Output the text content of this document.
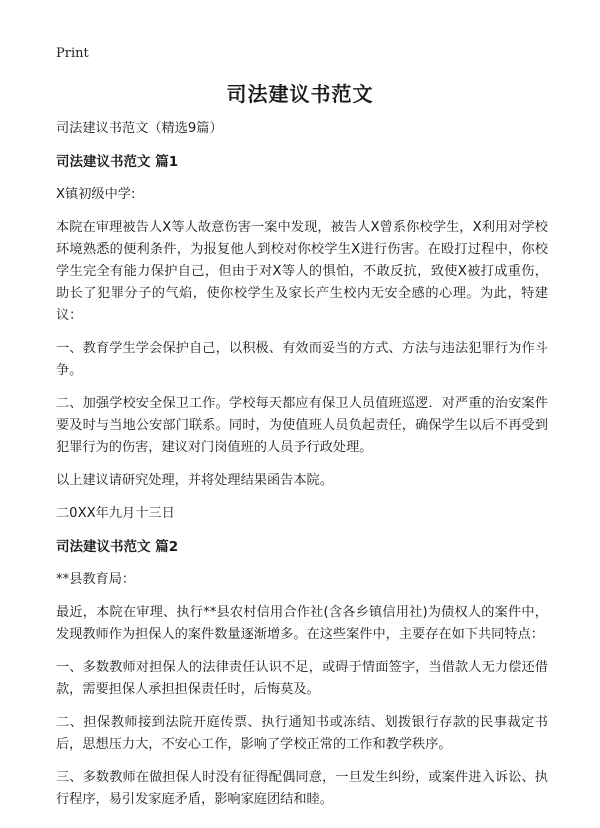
Print
司法建议书范文

司法建议书范文（精选9篇）

司法建议书范文 篇1

X镇初级中学:

本院在审理被告人X等人故意伤害一案中发现，被告人X曾系你校学生，X利用对学校环境熟悉的便利条件，为报复他人到校对你校学生X进行伤害。在殴打过程中，你校学生完全有能力保护自己，但由于对X等人的惧怕，不敢反抗，致使X被打成重伤，助长了犯罪分子的气焰，使你校学生及家长产生校内无安全感的心理。为此，特建议：

一、教育学生学会保护自己，以积极、有效而妥当的方式、方法与违法犯罪行为作斗争。

二、加强学校安全保卫工作。学校每天都应有保卫人员值班巡逻．对严重的治安案件要及时与当地公安部门联系。同时，为使值班人员负起责任，确保学生以后不再受到犯罪行为的伤害，建议对门岗值班的人员予行政处理。

以上建议请研究处理，并将处理结果函告本院。

二0XX年九月十三日

司法建议书范文 篇2

**县教育局：

最近，本院在审理、执行**县农村信用合作社(含各乡镇信用社)为债权人的案件中，发现教师作为担保人的案件数量逐渐增多。在这些案件中，主要存在如下共同特点：

一、多数教师对担保人的法律责任认识不足，或碍于情面签字，当借款人无力偿还借款，需要担保人承担担保责任时，后悔莫及。

二、担保教师接到法院开庭传票、执行通知书或冻结、划拨银行存款的民事裁定书后，思想压力大，不安心工作，影响了学校正常的工作和教学秩序。

三、多数教师在做担保人时没有征得配偶同意，一旦发生纠纷，或案件进入诉讼、执行程序，易引发家庭矛盾，影响家庭团结和睦。
